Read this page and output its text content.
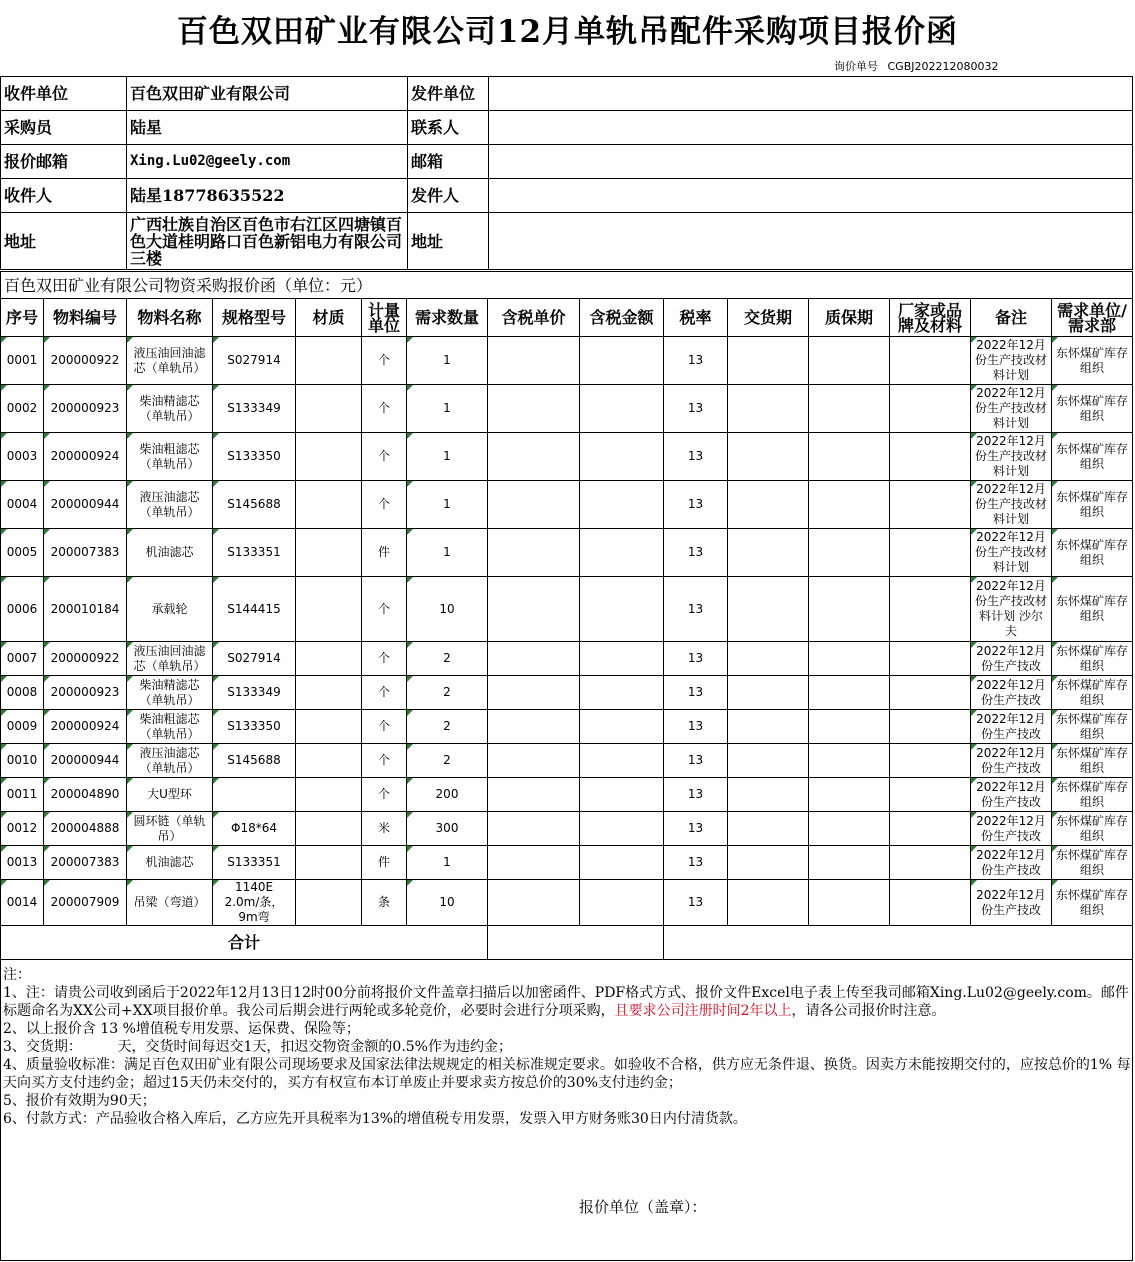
百色双田矿业有限公司12月单轨吊配件采购项目报价函
询价单号 CGBJ202212080032
收件单位	百色双田矿业有限公司	发件单位	
采购员	陆星	联系人	
报价邮箱	Xing.Lu02@geely.com	邮箱	
收件人	陆星18778635522	发件人	
地址	广西壮族自治区百色市右江区四塘镇百色大道桂明路口百色新铝电力有限公司三楼	地址	
百色双田矿业有限公司物资采购报价函（单位：元）														
序号	物料编号	物料名称	规格型号	材质	计量单位	需求数量	含税单价	含税金额	税率	交货期	质保期	厂家或品牌及材料	备注	需求单位/需求部
0001	200000922	液压油回油滤芯（单轨吊）	S027914		个	1			13				2022年12月份生产技改材料计划	东怀煤矿库存组织
0002	200000923	柴油精滤芯（单轨吊）	S133349		个	1			13				2022年12月份生产技改材料计划	东怀煤矿库存组织
0003	200000924	柴油粗滤芯（单轨吊）	S133350		个	1			13				2022年12月份生产技改材料计划	东怀煤矿库存组织
0004	200000944	液压油滤芯（单轨吊）	S145688		个	1			13				2022年12月份生产技改材料计划	东怀煤矿库存组织
0005	200007383	机油滤芯	S133351		件	1			13				2022年12月份生产技改材料计划	东怀煤矿库存组织
0006	200010184	承载轮	S144415		个	10			13				2022年12月份生产技改材料计划 沙尔夫	东怀煤矿库存组织
0007	200000922	液压油回油滤芯（单轨吊）	S027914		个	2			13				2022年12月份生产技改	东怀煤矿库存组织
0008	200000923	柴油精滤芯（单轨吊）	S133349		个	2			13				2022年12月份生产技改	东怀煤矿库存组织
0009	200000924	柴油粗滤芯（单轨吊）	S133350		个	2			13				2022年12月份生产技改	东怀煤矿库存组织
0010	200000944	液压油滤芯（单轨吊）	S145688		个	2			13				2022年12月份生产技改	东怀煤矿库存组织
0011	200004890	大U型环			个	200			13				2022年12月份生产技改	东怀煤矿库存组织
0012	200004888	圆环链（单轨吊）	Φ18*64		米	300			13				2022年12月份生产技改	东怀煤矿库存组织
0013	200007383	机油滤芯	S133351		件	1			13				2022年12月份生产技改	东怀煤矿库存组织
0014	200007909	吊梁（弯道）	1140E 2.0m/条，9m弯		条	10			13				2022年12月份生产技改	东怀煤矿库存组织
合计														
注：
1、注：请贵公司收到函后于2022年12月13日12时00分前将报价文件盖章扫描后以加密函件、PDF格式方式、报价文件Excel电子表上传至我司邮箱Xing.Lu02@geely.com。邮件标题命名为XX公司+XX项目报价单。我公司后期会进行两轮或多轮竞价，必要时会进行分项采购，且要求公司注册时间2年以上，请各公司报价时注意。
2、以上报价含 13 %增值税专用发票、运保费、保险等；
3、交货期：        天，交货时间每迟交1天，扣迟交物资金额的0.5%作为违约金；
4、质量验收标准：满足百色双田矿业有限公司现场要求及国家法律法规规定的相关标准规定要求。如验收不合格，供方应无条件退、换货。因卖方未能按期交付的，应按总价的1% 每天向买方支付违约金；超过15天仍未交付的，买方有权宣布本订单废止并要求卖方按总价的30%支付违约金；
5、报价有效期为90天；
6、付款方式：产品验收合格入库后，乙方应先开具税率为13%的增值税专用发票，发票入甲方财务账30日内付清货款。
报价单位（盖章）：
